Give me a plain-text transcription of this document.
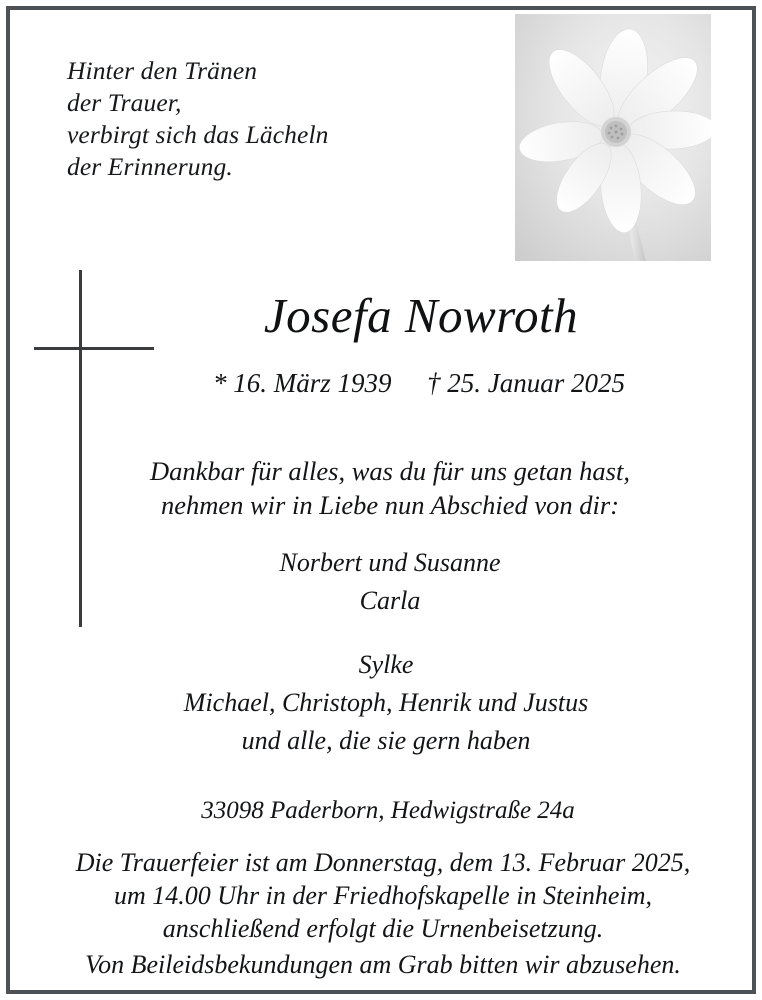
Hinter den Tränen
der Trauer,
verbirgt sich das Lächeln
der Erinnerung.
Josefa Nowroth
* 16. März 1939 † 25. Januar 2025
Dankbar für alles, was du für uns getan hast,
nehmen wir in Liebe nun Abschied von dir:
Norbert und Susanne
Carla
Sylke
Michael, Christoph, Henrik und Justus
und alle, die sie gern haben
33098 Paderborn, Hedwigstraße 24a
Die Trauerfeier ist am Donnerstag, dem 13. Februar 2025,
um 14.00 Uhr in der Friedhofskapelle in Steinheim,
anschließend erfolgt die Urnenbeisetzung.
Von Beileidsbekundungen am Grab bitten wir abzusehen.
